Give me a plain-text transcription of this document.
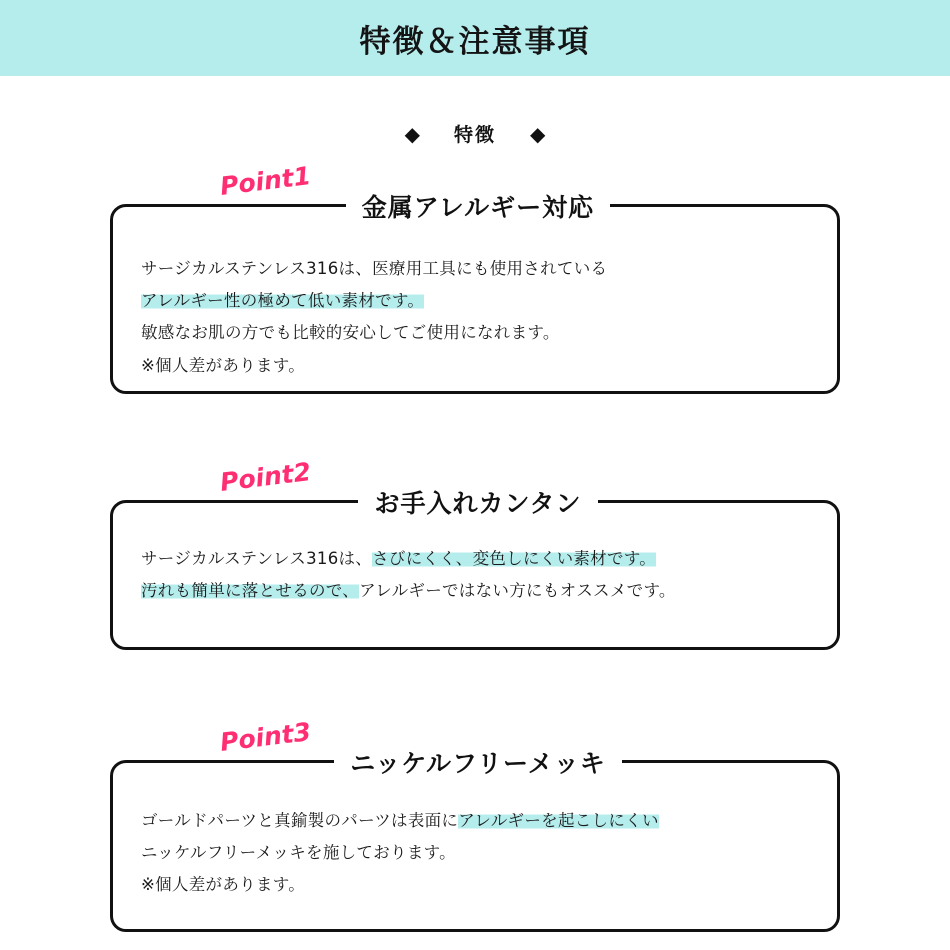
特徴＆注意事項
◆ 特徴 ◆
Point1
金属アレルギー対応
サージカルステンレス316は、医療用工具にも使用されている
アレルギー性の極めて低い素材です。
敏感なお肌の方でも比較的安心してご使用になれます。
※個人差があります。
Point2
お手入れカンタン
サージカルステンレス316は、さびにくく、変色しにくい素材です。
汚れも簡単に落とせるので、アレルギーではない方にもオススメです。
Point3
ニッケルフリーメッキ
ゴールドパーツと真鍮製のパーツは表面にアレルギーを起こしにくい
ニッケルフリーメッキを施しております。
※個人差があります。
